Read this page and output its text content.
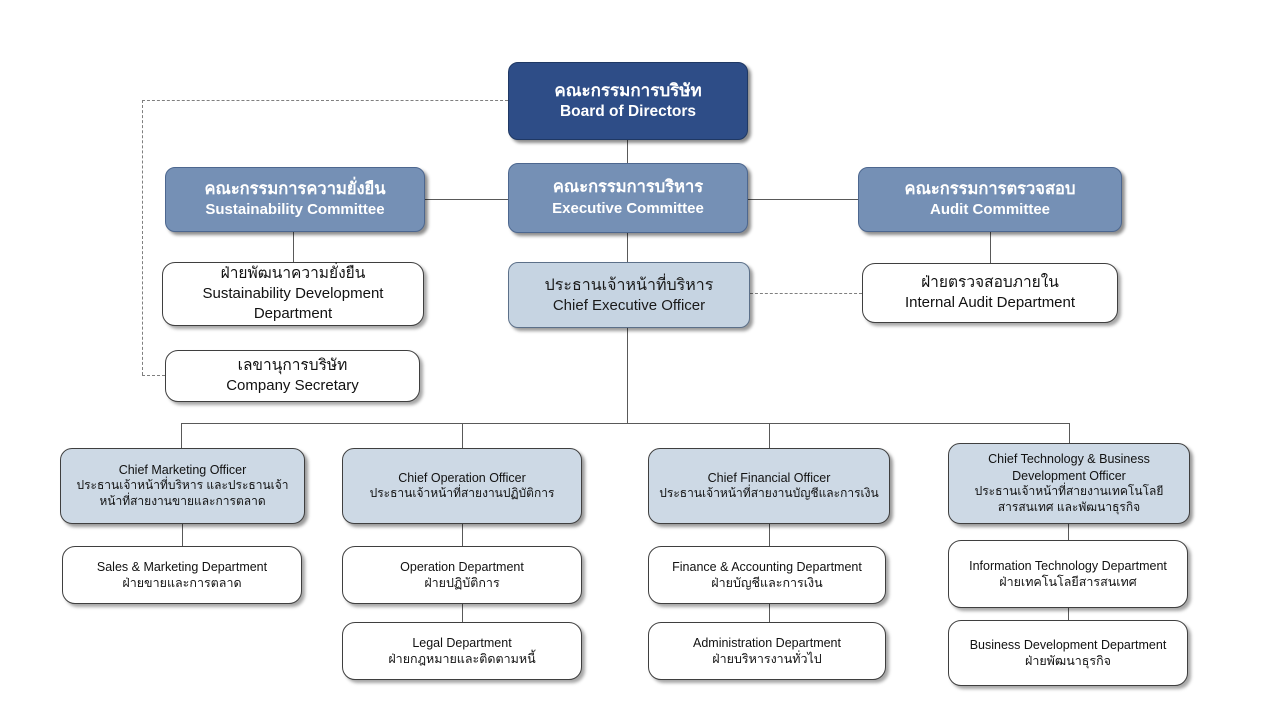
คณะกรรมการบริษัท
Board of Directors
คณะกรรมการความยั่งยืน
Sustainability Committee
คณะกรรมการบริหาร
Executive Committee
คณะกรรมการตรวจสอบ
Audit Committee
ฝ่ายพัฒนาความยั่งยืน
Sustainability Development Department
ประธานเจ้าหน้าที่บริหาร
Chief Executive Officer
ฝ่ายตรวจสอบภายใน
Internal Audit Department
เลขานุการบริษัท
Company Secretary
Chief Marketing Officer
ประธานเจ้าหน้าที่บริหาร และประธานเจ้าหน้าที่สายงานขายและการตลาด
Chief Operation Officer
ประธานเจ้าหน้าที่สายงานปฏิบัติการ
Chief Financial Officer
ประธานเจ้าหน้าที่สายงานบัญชีและการเงิน
Chief Technology & Business Development Officer
ประธานเจ้าหน้าที่สายงานเทคโนโลยีสารสนเทศ และพัฒนาธุรกิจ
Sales & Marketing Department
ฝ่ายขายและการตลาด
Operation Department
ฝ่ายปฏิบัติการ
Finance & Accounting Department
ฝ่ายบัญชีและการเงิน
Information Technology Department
ฝ่ายเทคโนโลยีสารสนเทศ
Legal Department
ฝ่ายกฎหมายและติดตามหนี้
Administration Department
ฝ่ายบริหารงานทั่วไป
Business Development Department
ฝ่ายพัฒนาธุรกิจ
